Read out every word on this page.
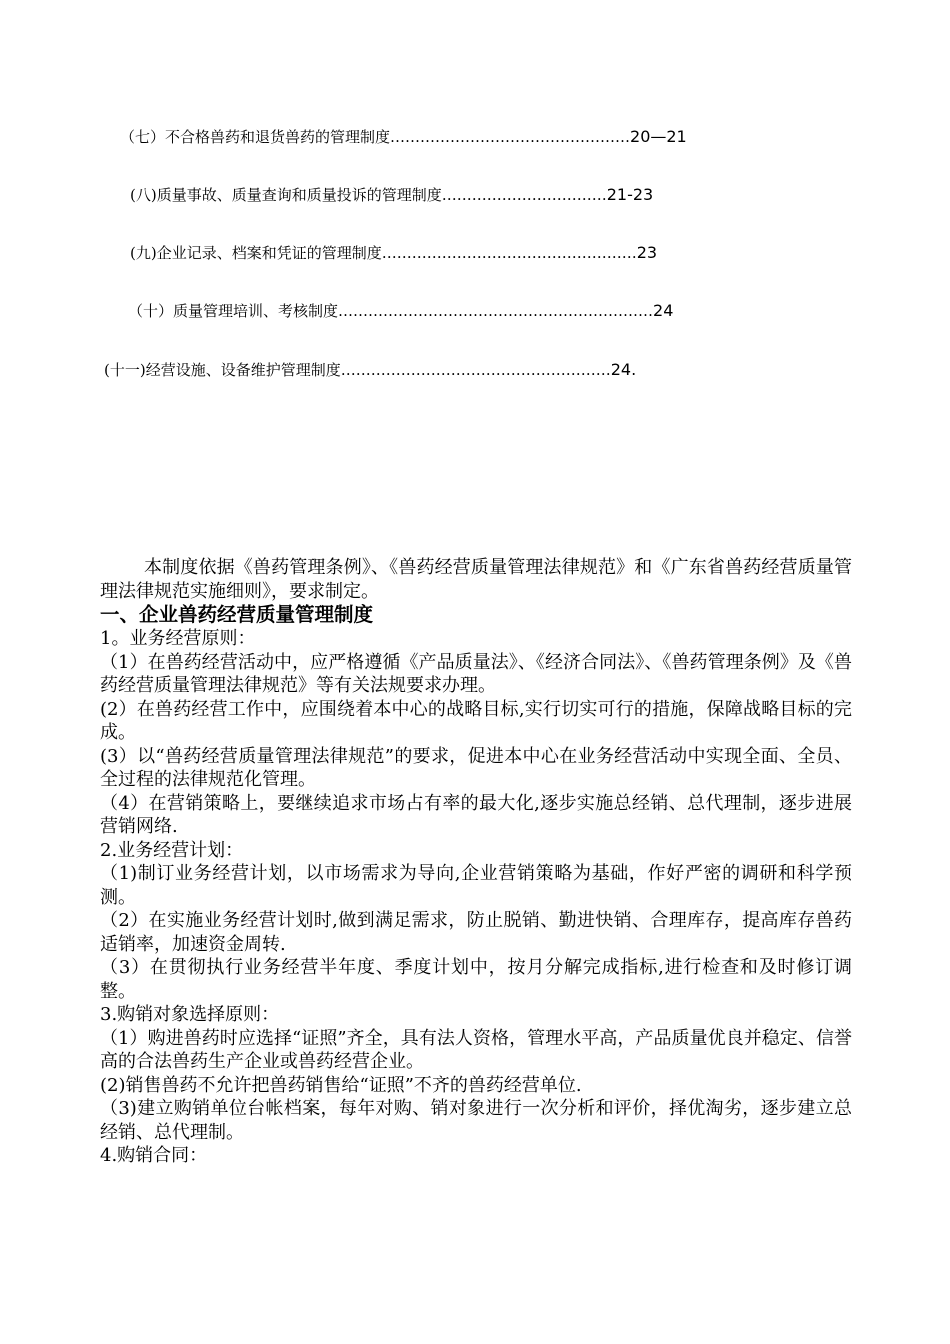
（七）不合格兽药和退货兽药的管理制度…………………………………………20—21
(八)质量事故、质量查询和质量投诉的管理制度……………………………21-23
(九)企业记录、档案和凭证的管理制度……………………………………………23
（十）质量管理培训、考核制度………………………………………………………24
(十一)经营设施、设备维护管理制度………………………………………………24.

本制度依据《兽药管理条例》、《兽药经营质量管理法律规范》和《广东省兽药经营质量管理法律规范实施细则》，要求制定。

一、企业兽药经营质量管理制度

1。业务经营原则：

（1）在兽药经营活动中，应严格遵循《产品质量法》、《经济合同法》、《兽药管理条例》及《兽药经营质量管理法律规范》等有关法规要求办理。

(2）在兽药经营工作中，应围绕着本中心的战略目标,实行切实可行的措施，保障战略目标的完成。

(3）以“兽药经营质量管理法律规范”的要求，促进本中心在业务经营活动中实现全面、全员、全过程的法律规范化管理。

（4）在营销策略上，要继续追求市场占有率的最大化,逐步实施总经销、总代理制，逐步进展营销网络.

2.业务经营计划：

（1)制订业务经营计划，以市场需求为导向,企业营销策略为基础，作好严密的调研和科学预测。

（2）在实施业务经营计划时,做到满足需求，防止脱销、勤进快销、合理库存，提高库存兽药适销率，加速资金周转.

（3）在贯彻执行业务经营半年度、季度计划中，按月分解完成指标,进行检查和及时修订调整。

3.购销对象选择原则：

（1）购进兽药时应选择“证照”齐全，具有法人资格，管理水平高，产品质量优良并稳定、信誉高的合法兽药生产企业或兽药经营企业。

(2)销售兽药不允许把兽药销售给“证照”不齐的兽药经营单位.

（3)建立购销单位台帐档案，每年对购、销对象进行一次分析和评价，择优淘劣，逐步建立总经销、总代理制。

4.购销合同：
